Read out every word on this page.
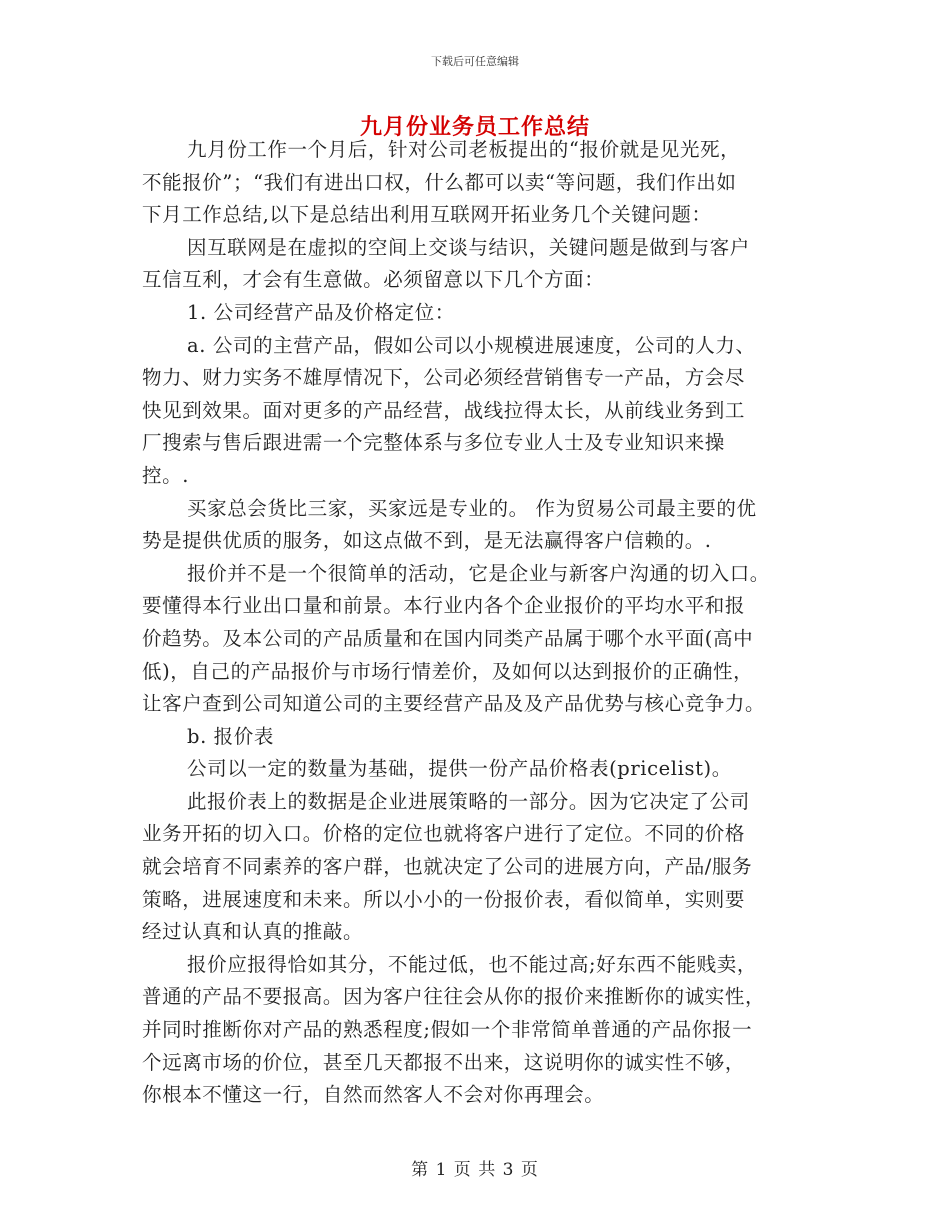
下载后可任意编辑
九月份业务员工作总结
九月份工作一个月后，针对公司老板提出的“报价就是见光死，
不能报价”；“我们有进出口权，什么都可以卖“等问题，我们作出如
下月工作总结,以下是总结出利用互联网开拓业务几个关键问题：
因互联网是在虚拟的空间上交谈与结识，关键问题是做到与客户
互信互利，才会有生意做。必须留意以下几个方面：
1. 公司经营产品及价格定位：
a. 公司的主营产品，假如公司以小规模进展速度，公司的人力、
物力、财力实务不雄厚情况下，公司必须经营销售专一产品，方会尽
快见到效果。面对更多的产品经营，战线拉得太长，从前线业务到工
厂搜索与售后跟进需一个完整体系与多位专业人士及专业知识来操
控。.
买家总会货比三家，买家远是专业的。 作为贸易公司最主要的优
势是提供优质的服务，如这点做不到，是无法赢得客户信赖的。.
报价并不是一个很简单的活动，它是企业与新客户沟通的切入口。
要懂得本行业出口量和前景。本行业内各个企业报价的平均水平和报
价趋势。及本公司的产品质量和在国内同类产品属于哪个水平面(高中
低)，自己的产品报价与市场行情差价，及如何以达到报价的正确性，
让客户查到公司知道公司的主要经营产品及及产品优势与核心竞争力。
b. 报价表
公司以一定的数量为基础，提供一份产品价格表(pricelist)。
此报价表上的数据是企业进展策略的一部分。因为它决定了公司
业务开拓的切入口。价格的定位也就将客户进行了定位。不同的价格
就会培育不同素养的客户群，也就决定了公司的进展方向，产品/服务
策略，进展速度和未来。所以小小的一份报价表，看似简单，实则要
经过认真和认真的推敲。
报价应报得恰如其分，不能过低，也不能过高;好东西不能贱卖，
普通的产品不要报高。因为客户往往会从你的报价来推断你的诚实性，
并同时推断你对产品的熟悉程度;假如一个非常简单普通的产品你报一
个远离市场的价位，甚至几天都报不出来，这说明你的诚实性不够，
你根本不懂这一行，自然而然客人不会对你再理会。
第 1 页 共 3 页
